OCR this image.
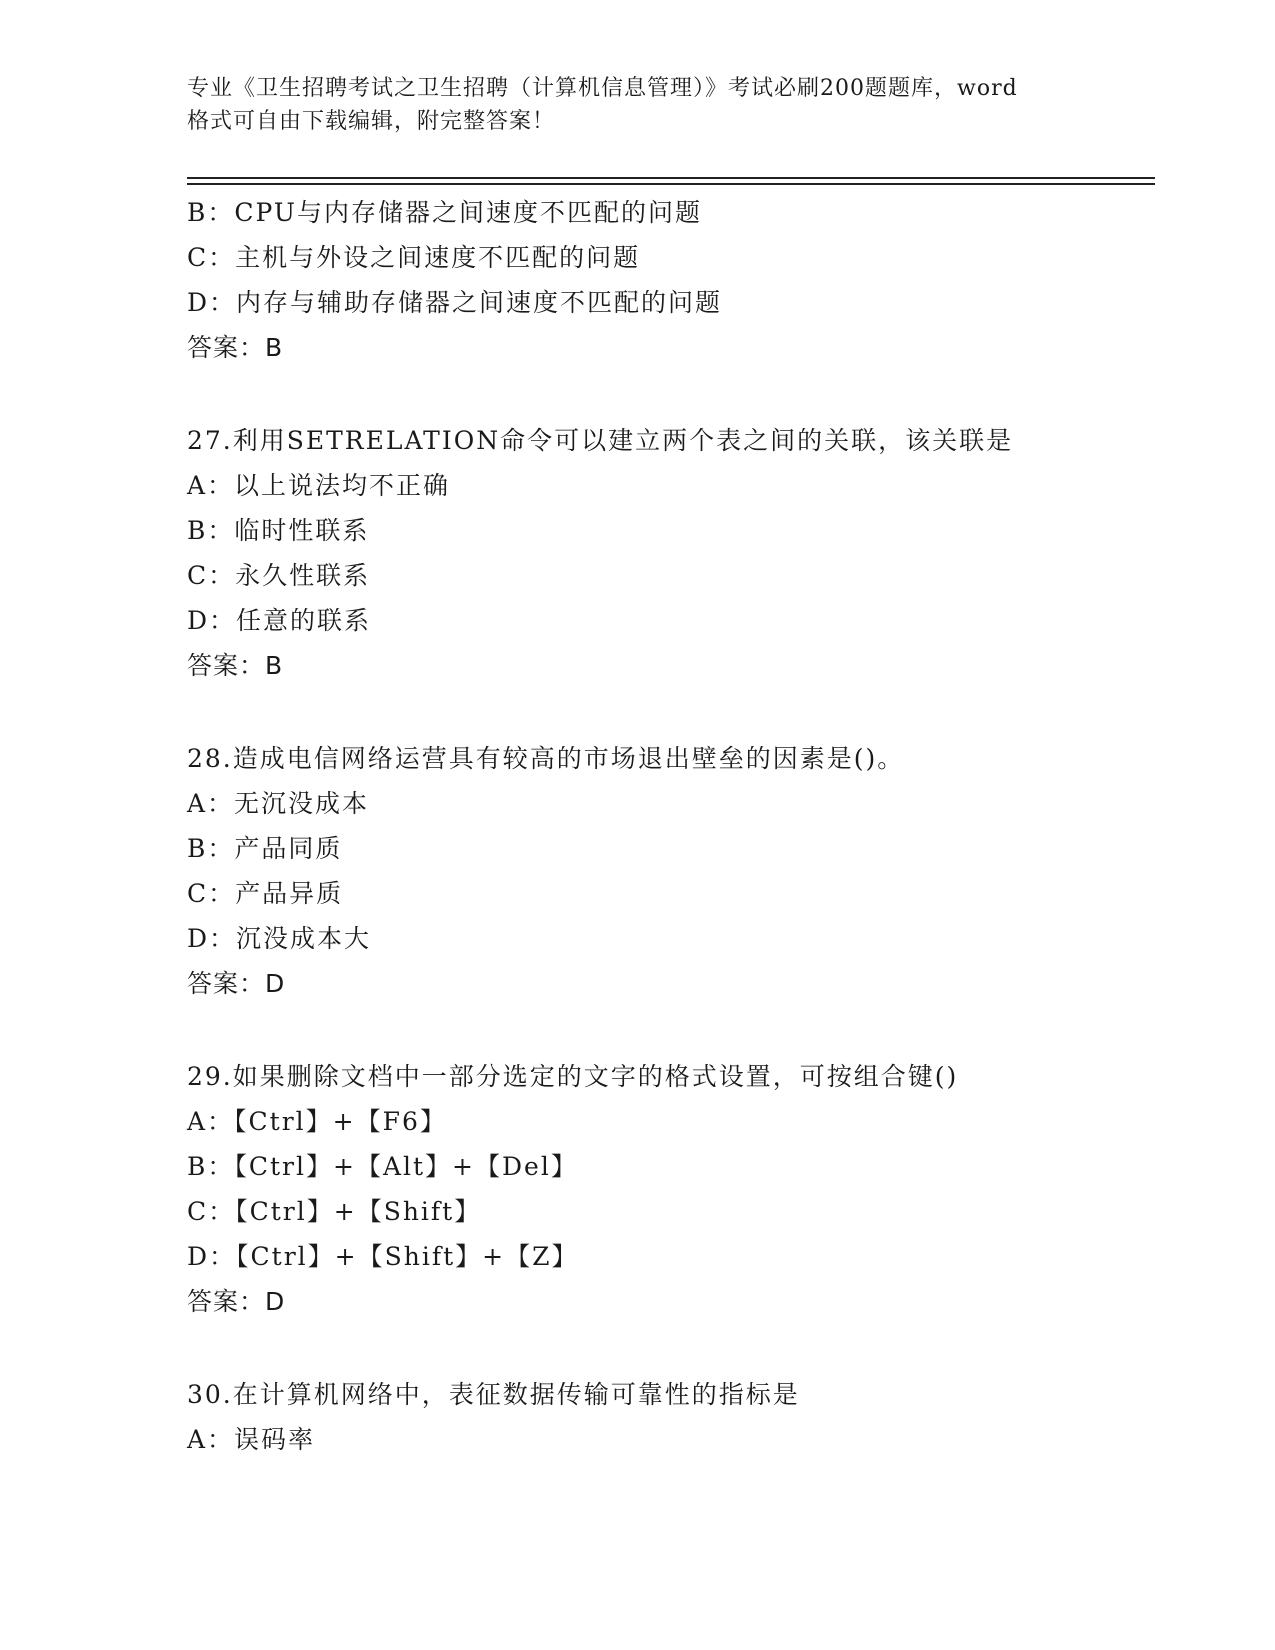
专业《卫生招聘考试之卫生招聘（计算机信息管理）》考试必刷200题题库，word
格式可自由下载编辑，附完整答案！
B：CPU与内存储器之间速度不匹配的问题
C：主机与外设之间速度不匹配的问题
D：内存与辅助存储器之间速度不匹配的问题
答案：B
27.利用SETRELATION命令可以建立两个表之间的关联，该关联是
A：以上说法均不正确
B：临时性联系
C：永久性联系
D：任意的联系
答案：B
28.造成电信网络运营具有较高的市场退出壁垒的因素是()。
A：无沉没成本
B：产品同质
C：产品异质
D：沉没成本大
答案：D
29.如果删除文档中一部分选定的文字的格式设置，可按组合键()
A：【Ctrl】+【F6】
B：【Ctrl】+【Alt】+【Del】
C：【Ctrl】+【Shift】
D：【Ctrl】+【Shift】+【Z】
答案：D
30.在计算机网络中，表征数据传输可靠性的指标是
A：误码率
